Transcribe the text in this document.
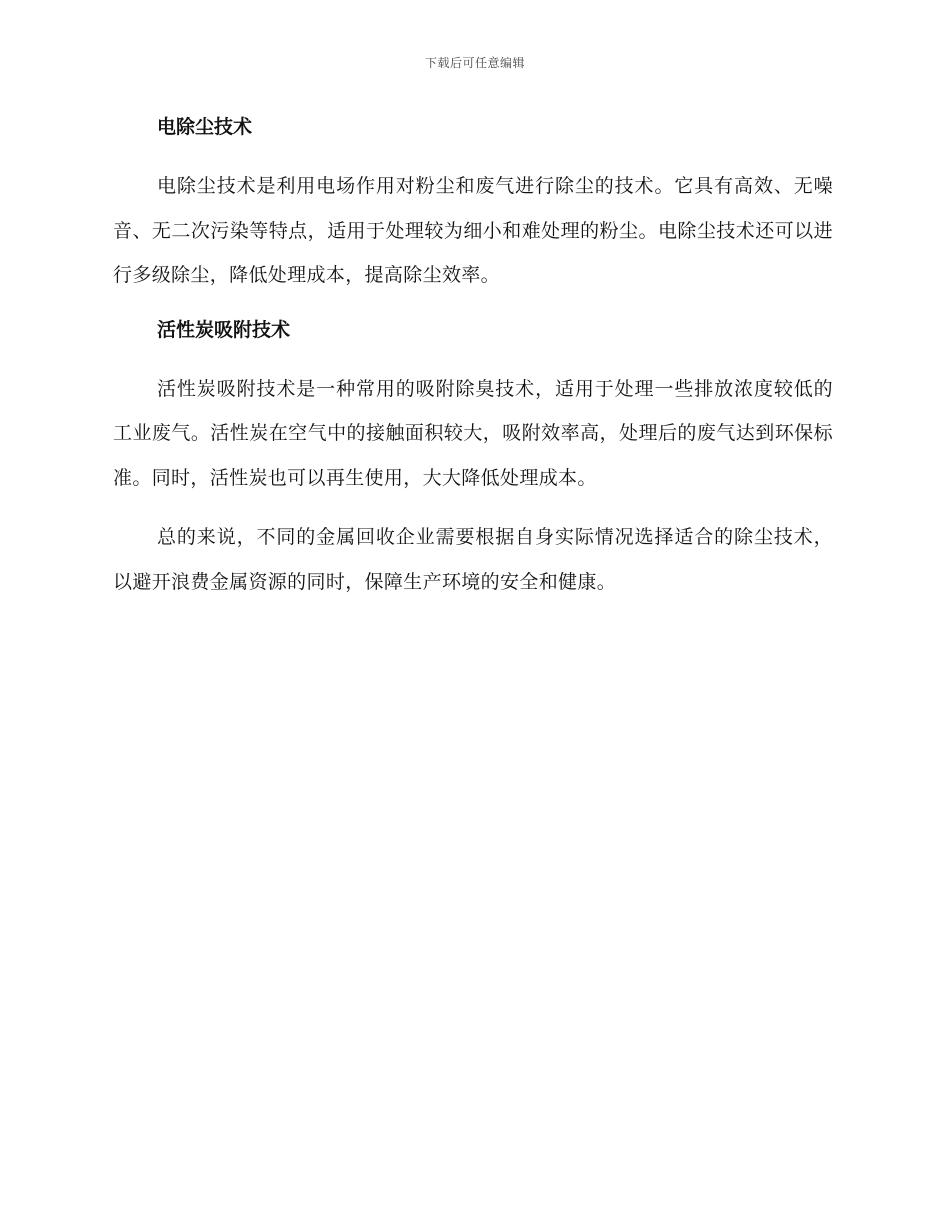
下载后可任意编辑
电除尘技术

电除尘技术是利用电场作用对粉尘和废气进行除尘的技术。它具有高效、无噪音、无二次污染等特点，适用于处理较为细小和难处理的粉尘。电除尘技术还可以进行多级除尘，降低处理成本，提高除尘效率。

活性炭吸附技术

活性炭吸附技术是一种常用的吸附除臭技术，适用于处理一些排放浓度较低的工业废气。活性炭在空气中的接触面积较大，吸附效率高，处理后的废气达到环保标准。同时，活性炭也可以再生使用，大大降低处理成本。

总的来说，不同的金属回收企业需要根据自身实际情况选择适合的除尘技术，以避开浪费金属资源的同时，保障生产环境的安全和健康。
